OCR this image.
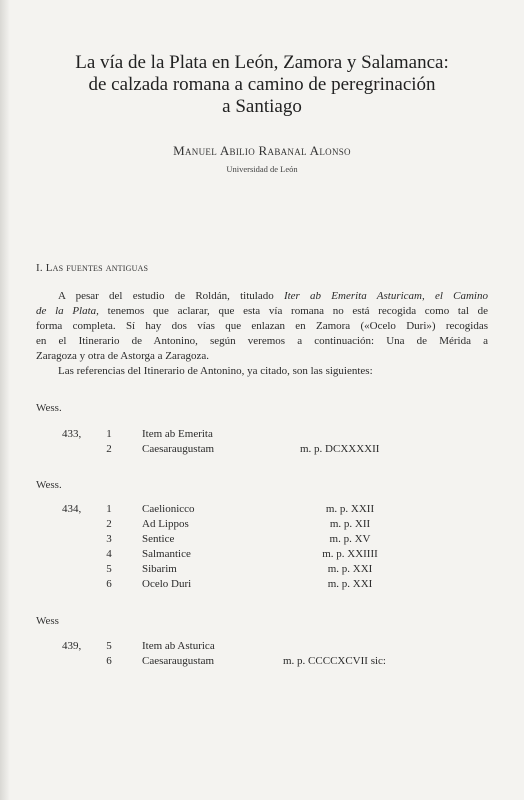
La vía de la Plata en León, Zamora y Salamanca:
de calzada romana a camino de peregrinación
a Santiago
Manuel Abilio Rabanal Alonso
Universidad de León
I. Las fuentes antiguas
A pesar del estudio de Roldán, titulado Iter ab Emerita Asturicam, el Camino
de la Plata, tenemos que aclarar, que esta vía romana no está recogida como tal de
forma completa. Sí hay dos vías que enlazan en Zamora («Ocelo Duri») recogidas
en el Itinerario de Antonino, según veremos a continuación: Una de Mérida a
Zaragoza y otra de Astorga a Zaragoza.
Las referencias del Itinerario de Antonino, ya citado, son las siguientes:
Wess.
433,	1	Item ab Emerita
2	Caesaraugustam	m. p. DCXXXXII
Wess.
434,	1	Caelionicco	m. p. XXII
2	Ad Lippos	m. p. XII
3	Sentice	m. p. XV
4	Salmantice	m. p. XXIIII
5	Sibarim	m. p. XXI
6	Ocelo Duri	m. p. XXI
Wess
439,	5	Item ab Asturica
6	Caesaraugustam	m. p. CCCCXCVII sic:
